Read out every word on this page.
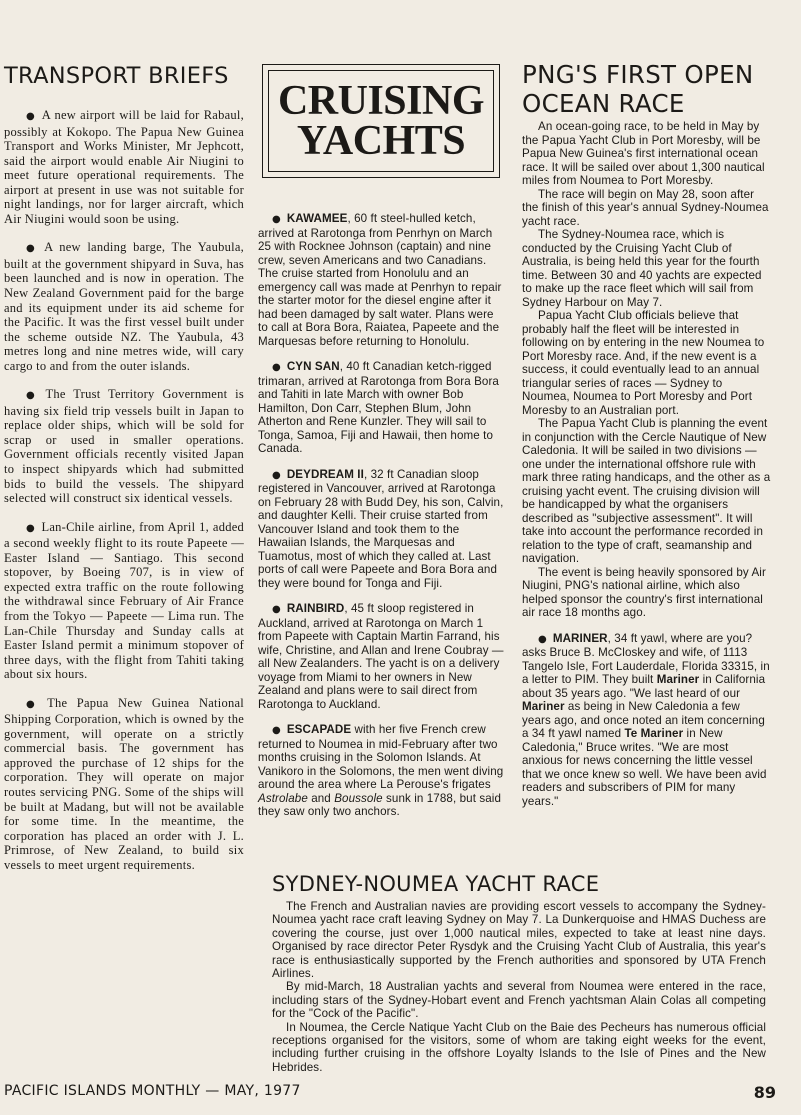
TRANSPORT BRIEFS

● A new airport will be laid for Rabaul, possibly at Kokopo. The Papua New Guinea Transport and Works Minister, Mr Jephcott, said the airport would enable Air Niugini to meet future operational requirements. The airport at present in use was not suitable for night landings, nor for larger aircraft, which Air Niugini would soon be using.

● A new landing barge, The Yaubula, built at the government shipyard in Suva, has been launched and is now in operation. The New Zealand Government paid for the barge and its equipment under its aid scheme for the Pacific. It was the first vessel built under the scheme outside NZ. The Yaubula, 43 metres long and nine metres wide, will cary cargo to and from the outer islands.

● The Trust Territory Government is having six field trip vessels built in Japan to replace older ships, which will be sold for scrap or used in smaller operations. Government officials recently visited Japan to inspect shipyards which had submitted bids to build the vessels. The shipyard selected will construct six identical vessels.

● Lan-Chile airline, from April 1, added a second weekly flight to its route Papeete — Easter Island — Santiago. This second stopover, by Boeing 707, is in view of expected extra traffic on the route following the withdrawal since February of Air France from the Tokyo — Papeete — Lima run. The Lan-Chile Thursday and Sunday calls at Easter Island permit a minimum stopover of three days, with the flight from Tahiti taking about six hours.

● The Papua New Guinea National Shipping Corporation, which is owned by the government, will operate on a strictly commercial basis. The government has approved the purchase of 12 ships for the corporation. They will operate on major routes servicing PNG. Some of the ships will be built at Madang, but will not be available for some time. In the meantime, the corporation has placed an order with J. L. Primrose, of New Zealand, to build six vessels to meet urgent requirements.

CRUISING
YACHTS

● KAWAMEE, 60 ft steel-hulled ketch, arrived at Rarotonga from Penrhyn on March 25 with Rocknee Johnson (captain) and nine crew, seven Americans and two Canadians. The cruise started from Honolulu and an emergency call was made at Penrhyn to repair the starter motor for the diesel engine after it had been damaged by salt water. Plans were to call at Bora Bora, Raiatea, Papeete and the Marquesas before returning to Honolulu.

● CYN SAN, 40 ft Canadian ketch-rigged trimaran, arrived at Rarotonga from Bora Bora and Tahiti in late March with owner Bob Hamilton, Don Carr, Stephen Blum, John Atherton and Rene Kunzler. They will sail to Tonga, Samoa, Fiji and Hawaii, then home to Canada.

● DEYDREAM II, 32 ft Canadian sloop registered in Vancouver, arrived at Rarotonga on February 28 with Budd Dey, his son, Calvin, and daughter Kelli. Their cruise started from Vancouver Island and took them to the Hawaiian Islands, the Marquesas and Tuamotus, most of which they called at. Last ports of call were Papeete and Bora Bora and they were bound for Tonga and Fiji.

● RAINBIRD, 45 ft sloop registered in Auckland, arrived at Rarotonga on March 1 from Papeete with Captain Martin Farrand, his wife, Christine, and Allan and Irene Coubray — all New Zealanders. The yacht is on a delivery voyage from Miami to her owners in New Zealand and plans were to sail direct from Rarotonga to Auckland.

● ESCAPADE with her five French crew returned to Noumea in mid-February after two months cruising in the Solomon Islands. At Vanikoro in the Solomons, the men went diving around the area where La Perouse's frigates Astrolabe and Boussole sunk in 1788, but said they saw only two anchors.

PNG'S FIRST OPEN OCEAN RACE

An ocean-going race, to be held in May by the Papua Yacht Club in Port Moresby, will be Papua New Guinea's first international ocean race. It will be sailed over about 1,300 nautical miles from Noumea to Port Moresby.

The race will begin on May 28, soon after the finish of this year's annual Sydney-Noumea yacht race.

The Sydney-Noumea race, which is conducted by the Cruising Yacht Club of Australia, is being held this year for the fourth time. Between 30 and 40 yachts are expected to make up the race fleet which will sail from Sydney Harbour on May 7.

Papua Yacht Club officials believe that probably half the fleet will be interested in following on by entering in the new Noumea to Port Moresby race. And, if the new event is a success, it could eventually lead to an annual triangular series of races — Sydney to Noumea, Noumea to Port Moresby and Port Moresby to an Australian port.

The Papua Yacht Club is planning the event in conjunction with the Cercle Nautique of New Caledonia. It will be sailed in two divisions — one under the international offshore rule with mark three rating handicaps, and the other as a cruising yacht event. The cruising division will be handicapped by what the organisers described as "subjective assessment". It will take into account the performance recorded in relation to the type of craft, seamanship and navigation.

The event is being heavily sponsored by Air Niugini, PNG's national airline, which also helped sponsor the country's first international air race 18 months ago.

● MARINER, 34 ft yawl, where are you? asks Bruce B. McCloskey and wife, of 1113 Tangelo Isle, Fort Lauderdale, Florida 33315, in a letter to PIM. They built Mariner in California about 35 years ago. "We last heard of our Mariner as being in New Caledonia a few years ago, and once noted an item concerning a 34 ft yawl named Te Mariner in New Caledonia," Bruce writes. "We are most anxious for news concerning the little vessel that we once knew so well. We have been avid readers and subscribers of PIM for many years."

SYDNEY-NOUMEA YACHT RACE

The French and Australian navies are providing escort vessels to accompany the Sydney-Noumea yacht race craft leaving Sydney on May 7. La Dunkerquoise and HMAS Duchess are covering the course, just over 1,000 nautical miles, expected to take at least nine days. Organised by race director Peter Rysdyk and the Cruising Yacht Club of Australia, this year's race is enthusiastically supported by the French authorities and sponsored by UTA French Airlines.

By mid-March, 18 Australian yachts and several from Noumea were entered in the race, including stars of the Sydney-Hobart event and French yachtsman Alain Colas all competing for the "Cock of the Pacific".

In Noumea, the Cercle Natique Yacht Club on the Baie des Pecheurs has numerous official receptions organised for the visitors, some of whom are taking eight weeks for the event, including further cruising in the offshore Loyalty Islands to the Isle of Pines and the New Hebrides.

PACIFIC ISLANDS MONTHLY — MAY, 1977	89
